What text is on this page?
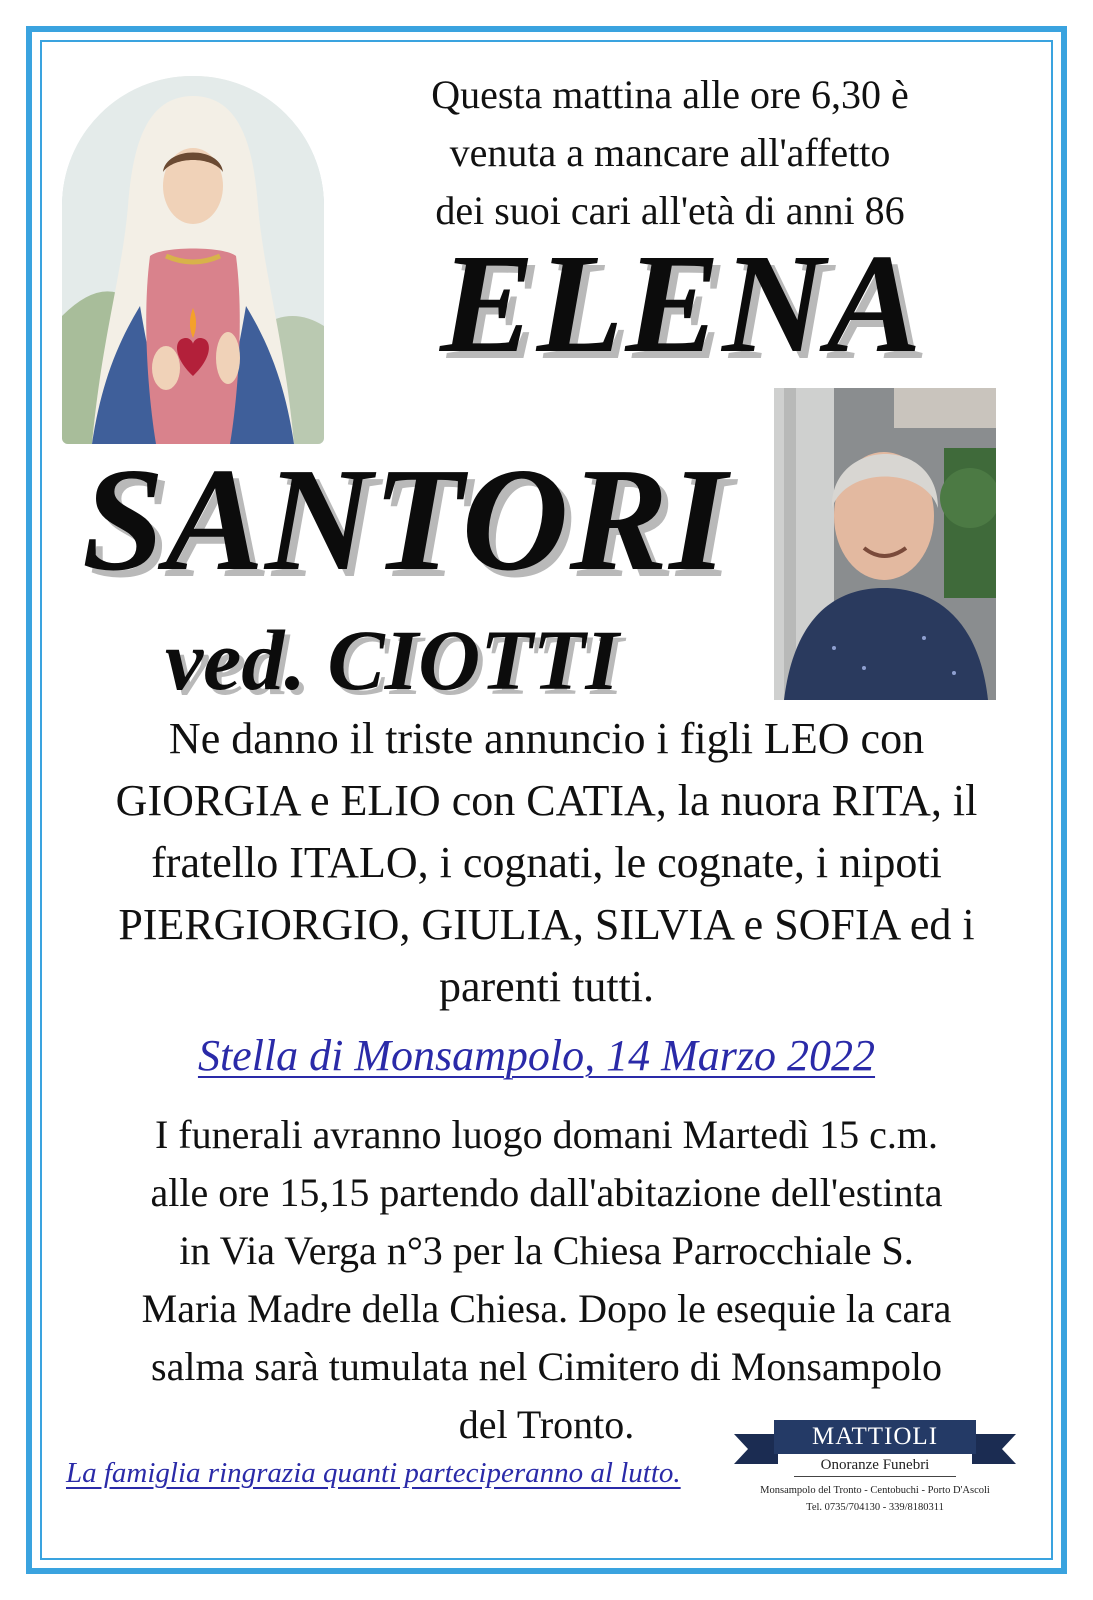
Questa mattina alle ore 6,30 è
venuta a mancare all'affetto
dei suoi cari all'età di anni 86
ELENA
SANTORI
ved. CIOTTI
Ne danno il triste annuncio i figli LEO con
GIORGIA e ELIO con CATIA, la nuora RITA, il
fratello ITALO, i cognati, le cognate, i nipoti
PIERGIORGIO, GIULIA, SILVIA e SOFIA ed i
parenti tutti.
Stella di Monsampolo, 14 Marzo 2022
I funerali avranno luogo domani Martedì 15 c.m.
alle ore 15,15 partendo dall'abitazione dell'estinta
in Via Verga n°3 per la Chiesa Parrocchiale S.
Maria Madre della Chiesa. Dopo le esequie la cara
salma sarà tumulata nel Cimitero di Monsampolo
del Tronto.
La famiglia ringrazia quanti parteciperanno al lutto.
MATTIOLI
Onoranze Funebri
Monsampolo del Tronto - Centobuchi - Porto D'Ascoli
Tel. 0735/704130 - 339/8180311
